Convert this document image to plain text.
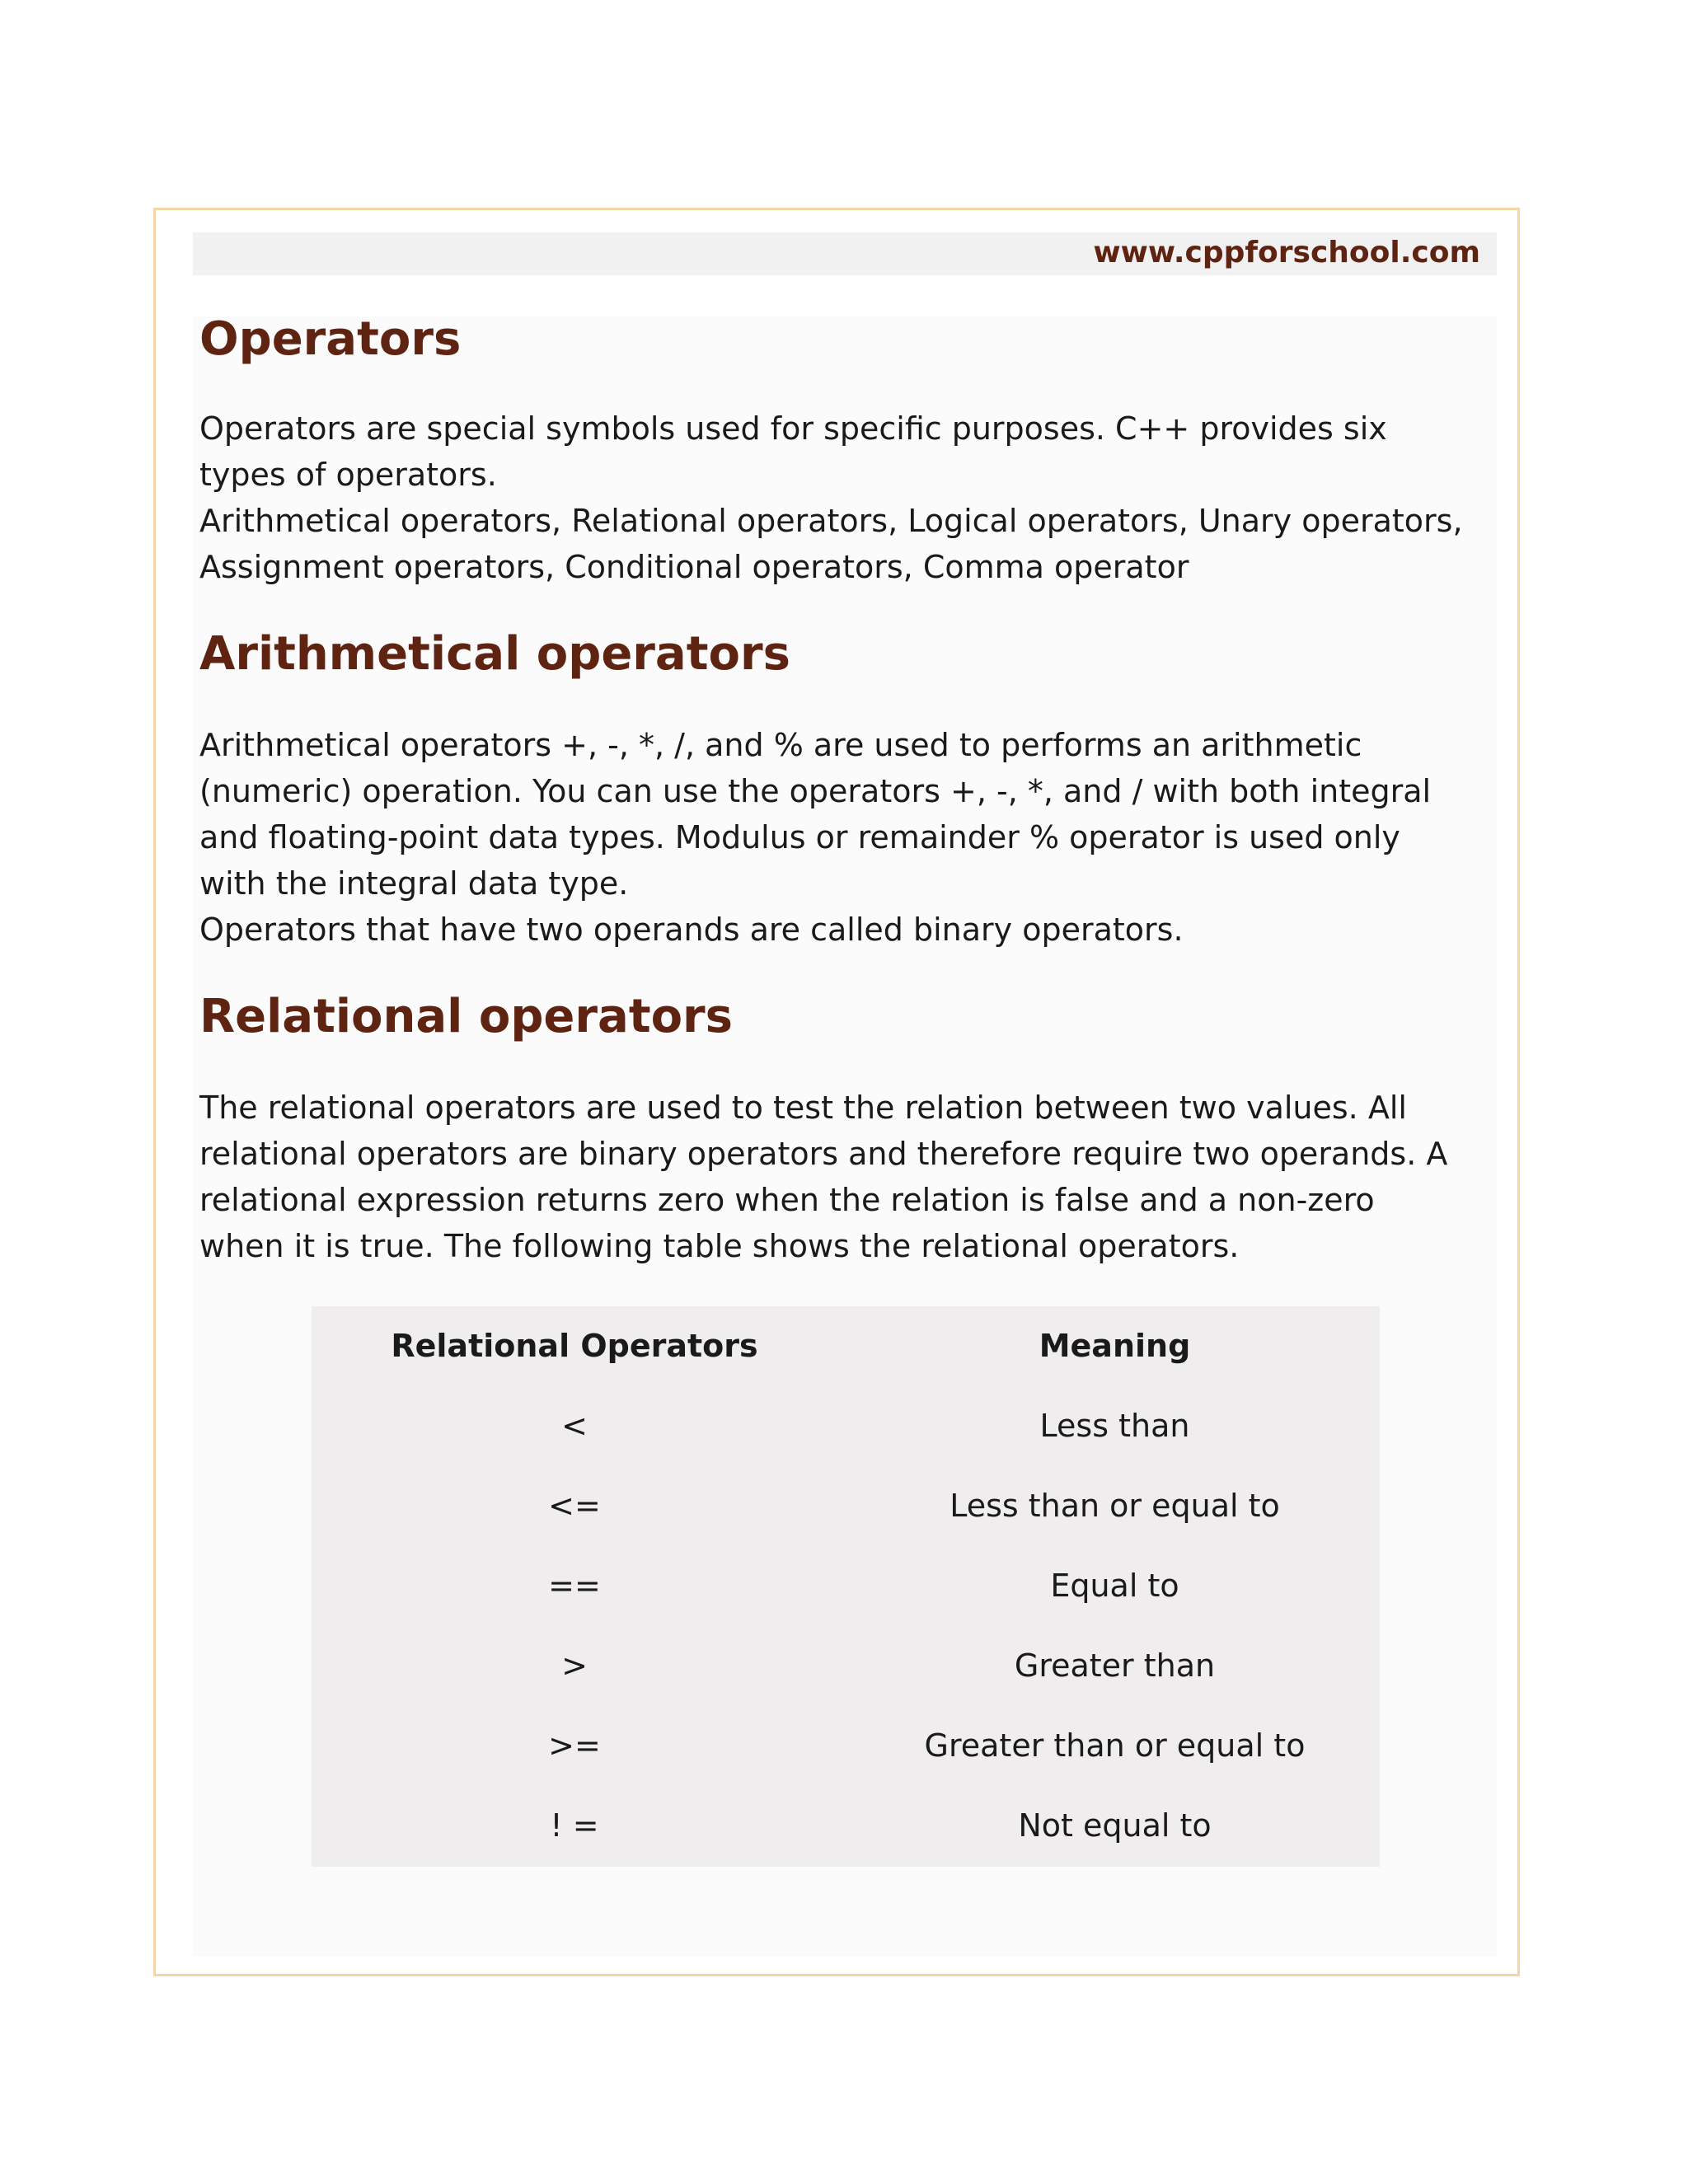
www.cppforschool.com
Operators

Operators are special symbols used for specific purposes. C++ provides six
types of operators.
Arithmetical operators, Relational operators, Logical operators, Unary operators,
Assignment operators, Conditional operators, Comma operator

Arithmetical operators

Arithmetical operators +, -, *, /, and % are used to performs an arithmetic
(numeric) operation. You can use the operators +, -, *, and / with both integral
and floating-point data types. Modulus or remainder % operator is used only
with the integral data type.
Operators that have two operands are called binary operators.

Relational operators

The relational operators are used to test the relation between two values. All
relational operators are binary operators and therefore require two operands. A
relational expression returns zero when the relation is false and a non-zero
when it is true. The following table shows the relational operators.

Relational Operators	Meaning
<	Less than
<=	Less than or equal to
==	Equal to
>	Greater than
>=	Greater than or equal to
! =	Not equal to
